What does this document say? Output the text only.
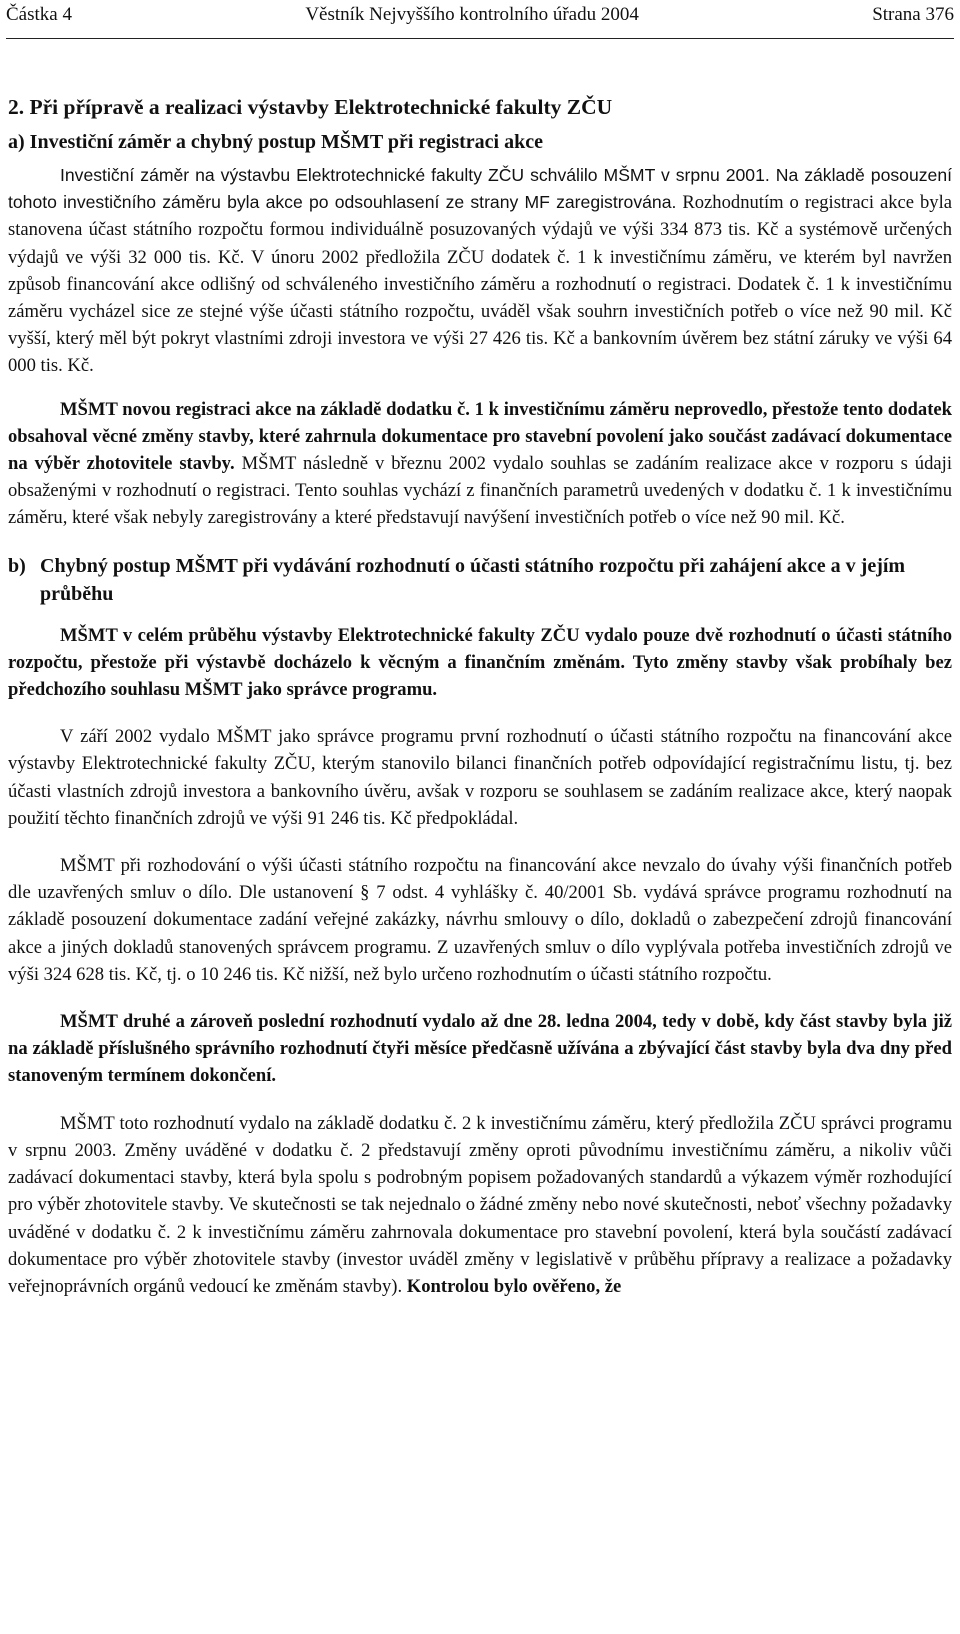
Částka 4	Věstník Nejvyššího kontrolního úřadu 2004	Strana 376
2. Při přípravě a realizaci výstavby Elektrotechnické fakulty ZČU
a) Investiční záměr a chybný postup MŠMT při registraci akce

Investiční záměr na výstavbu Elektrotechnické fakulty ZČU schválilo MŠMT v srpnu 2001. Na základě posouzení tohoto investičního záměru byla akce po odsouhlasení ze strany MF zaregistrována. Rozhodnutím o registraci akce byla stanovena účast státního rozpočtu formou individuálně posuzovaných výdajů ve výši 334 873 tis. Kč a systémově určených výdajů ve výši 32 000 tis. Kč. V únoru 2002 předložila ZČU dodatek č. 1 k investičnímu záměru, ve kterém byl navržen způsob financování akce odlišný od schváleného investičního záměru a rozhodnutí o registraci. Dodatek č. 1 k investičnímu záměru vycházel sice ze stejné výše účasti státního rozpočtu, uváděl však souhrn investičních potřeb o více než 90 mil. Kč vyšší, který měl být pokryt vlastními zdroji investora ve výši 27 426 tis. Kč a bankovním úvěrem bez státní záruky ve výši 64 000 tis. Kč.

MŠMT novou registraci akce na základě dodatku č. 1 k investičnímu záměru neprovedlo, přestože tento dodatek obsahoval věcné změny stavby, které zahrnula dokumentace pro stavební povolení jako součást zadávací dokumentace na výběr zhotovitele stavby. MŠMT následně v březnu 2002 vydalo souhlas se zadáním realizace akce v rozporu s údaji obsaženými v rozhodnutí o registraci. Tento souhlas vychází z finančních parametrů uvedených v dodatku č. 1 k investičnímu záměru, které však nebyly zaregistrovány a které představují navýšení investičních potřeb o více než 90 mil. Kč.

b) Chybný postup MŠMT při vydávání rozhodnutí o účasti státního rozpočtu při zahájení akce a v jejím průběhu

MŠMT v celém průběhu výstavby Elektrotechnické fakulty ZČU vydalo pouze dvě rozhodnutí o účasti státního rozpočtu, přestože při výstavbě docházelo k věcným a finančním změnám. Tyto změny stavby však probíhaly bez předchozího souhlasu MŠMT jako správce programu.

V září 2002 vydalo MŠMT jako správce programu první rozhodnutí o účasti státního rozpočtu na financování akce výstavby Elektrotechnické fakulty ZČU, kterým stanovilo bilanci finančních potřeb odpovídající registračnímu listu, tj. bez účasti vlastních zdrojů investora a bankovního úvěru, avšak v rozporu se souhlasem se zadáním realizace akce, který naopak použití těchto finančních zdrojů ve výši 91 246 tis. Kč předpokládal.

MŠMT při rozhodování o výši účasti státního rozpočtu na financování akce nevzalo do úvahy výši finančních potřeb dle uzavřených smluv o dílo. Dle ustanovení § 7 odst. 4 vyhlášky č. 40/2001 Sb. vydává správce programu rozhodnutí na základě posouzení dokumentace zadání veřejné zakázky, návrhu smlouvy o dílo, dokladů o zabezpečení zdrojů financování akce a jiných dokladů stanovených správcem programu. Z uzavřených smluv o dílo vyplývala potřeba investičních zdrojů ve výši 324 628 tis. Kč, tj. o 10 246 tis. Kč nižší, než bylo určeno rozhodnutím o účasti státního rozpočtu.

MŠMT druhé a zároveň poslední rozhodnutí vydalo až dne 28. ledna 2004, tedy v době, kdy část stavby byla již na základě příslušného správního rozhodnutí čtyři měsíce předčasně užívána a zbývající část stavby byla dva dny před stanoveným termínem dokončení.

MŠMT toto rozhodnutí vydalo na základě dodatku č. 2 k investičnímu záměru, který předložila ZČU správci programu v srpnu 2003. Změny uváděné v dodatku č. 2 představují změny oproti původnímu investičnímu záměru, a nikoliv vůči zadávací dokumentaci stavby, která byla spolu s podrobným popisem požadovaných standardů a výkazem výměr rozhodující pro výběr zhotovitele stavby. Ve skutečnosti se tak nejednalo o žádné změny nebo nové skutečnosti, neboť všechny požadavky uváděné v dodatku č. 2 k investičnímu záměru zahrnovala dokumentace pro stavební povolení, která byla součástí zadávací dokumentace pro výběr zhotovitele stavby (investor uváděl změny v legislativě v průběhu přípravy a realizace a požadavky veřejnoprávních orgánů vedoucí ke změnám stavby). Kontrolou bylo ověřeno, že
